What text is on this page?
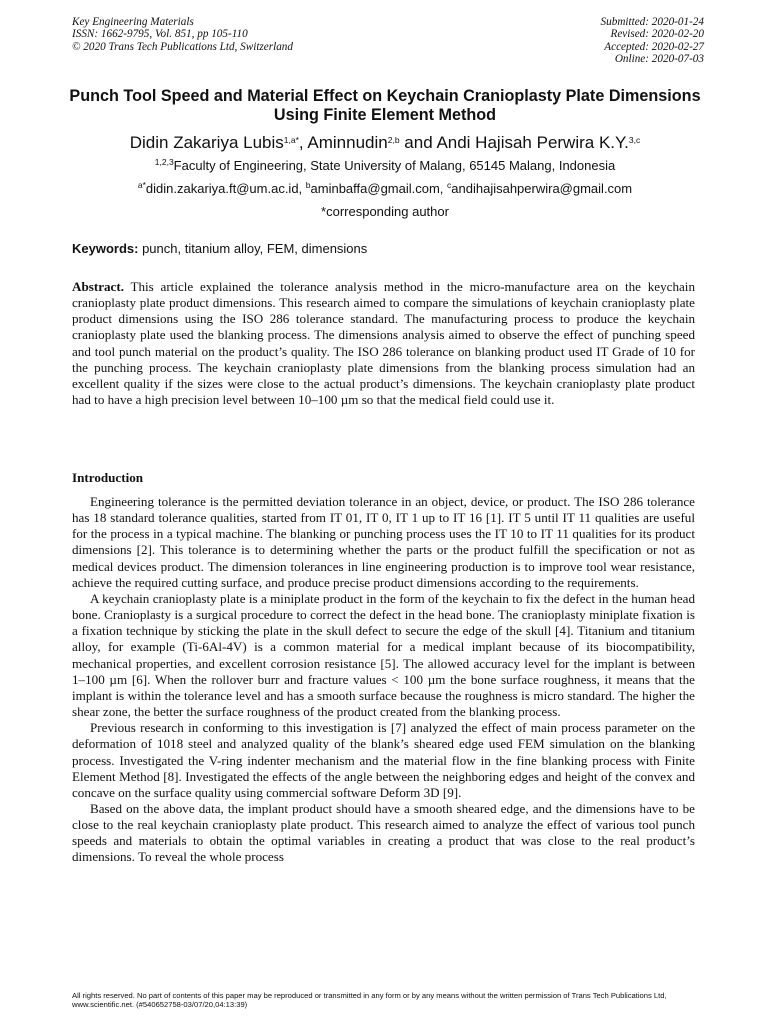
Key Engineering Materials
ISSN: 1662-9795, Vol. 851, pp 105-110
© 2020 Trans Tech Publications Ltd, Switzerland
Submitted: 2020-01-24
Revised: 2020-02-20
Accepted: 2020-02-27
Online: 2020-07-03
Punch Tool Speed and Material Effect on Keychain Cranioplasty Plate Dimensions Using Finite Element Method
Didin Zakariya Lubis$^{1,a*}$, Aminnudin$^{2,b}$ and Andi Hajisah Perwira K.Y.$^{3,c}$
$^{1,2,3}$Faculty of Engineering, State University of Malang, 65145 Malang, Indonesia
$^{a*}$didin.zakariya.ft@um.ac.id, $^b$aminbaffa@gmail.com, $^c$andihajisahperwira@gmail.com
*corresponding author
Keywords: punch, titanium alloy, FEM, dimensions
Abstract. This article explained the tolerance analysis method in the micro-manufacture area on the keychain cranioplasty plate product dimensions. This research aimed to compare the simulations of keychain cranioplasty plate product dimensions using the ISO 286 tolerance standard. The manufacturing process to produce the keychain cranioplasty plate used the blanking process. The dimensions analysis aimed to observe the effect of punching speed and tool punch material on the product’s quality. The ISO 286 tolerance on blanking product used IT Grade of 10 for the punching process. The keychain cranioplasty plate dimensions from the blanking process simulation had an excellent quality if the sizes were close to the actual product’s dimensions. The keychain cranioplasty plate product had to have a high precision level between 10–100 µm so that the medical field could use it.
Introduction

Engineering tolerance is the permitted deviation tolerance in an object, device, or product. The ISO 286 tolerance has 18 standard tolerance qualities, started from IT 01, IT 0, IT 1 up to IT 16 [1]. IT 5 until IT 11 qualities are useful for the process in a typical machine. The blanking or punching process uses the IT 10 to IT 11 qualities for its product dimensions [2]. This tolerance is to determining whether the parts or the product fulfill the specification or not as medical devices product. The dimension tolerances in line engineering production is to improve tool wear resistance, achieve the required cutting surface, and produce precise product dimensions according to the requirements.

A keychain cranioplasty plate is a miniplate product in the form of the keychain to fix the defect in the human head bone. Cranioplasty is a surgical procedure to correct the defect in the head bone. The cranioplasty miniplate fixation is a fixation technique by sticking the plate in the skull defect to secure the edge of the skull [4]. Titanium and titanium alloy, for example (Ti-6Al-4V) is a common material for a medical implant because of its biocompatibility, mechanical properties, and excellent corrosion resistance [5]. The allowed accuracy level for the implant is between 1–100 µm [6]. When the rollover burr and fracture values < 100 µm the bone surface roughness, it means that the implant is within the tolerance level and has a smooth surface because the roughness is micro standard. The higher the shear zone, the better the surface roughness of the product created from the blanking process.

Previous research in conforming to this investigation is [7] analyzed the effect of main process parameter on the deformation of 1018 steel and analyzed quality of the blank’s sheared edge used FEM simulation on the blanking process. Investigated the V-ring indenter mechanism and the material flow in the fine blanking process with Finite Element Method [8]. Investigated the effects of the angle between the neighboring edges and height of the convex and concave on the surface quality using commercial software Deform 3D [9].

Based on the above data, the implant product should have a smooth sheared edge, and the dimensions have to be close to the real keychain cranioplasty plate product. This research aimed to analyze the effect of various tool punch speeds and materials to obtain the optimal variables in creating a product that was close to the real product’s dimensions. To reveal the whole process

All rights reserved. No part of contents of this paper may be reproduced or transmitted in any form or by any means without the written permission of Trans Tech Publications Ltd, www.scientific.net. (#540652758-03/07/20,04:13:39)
